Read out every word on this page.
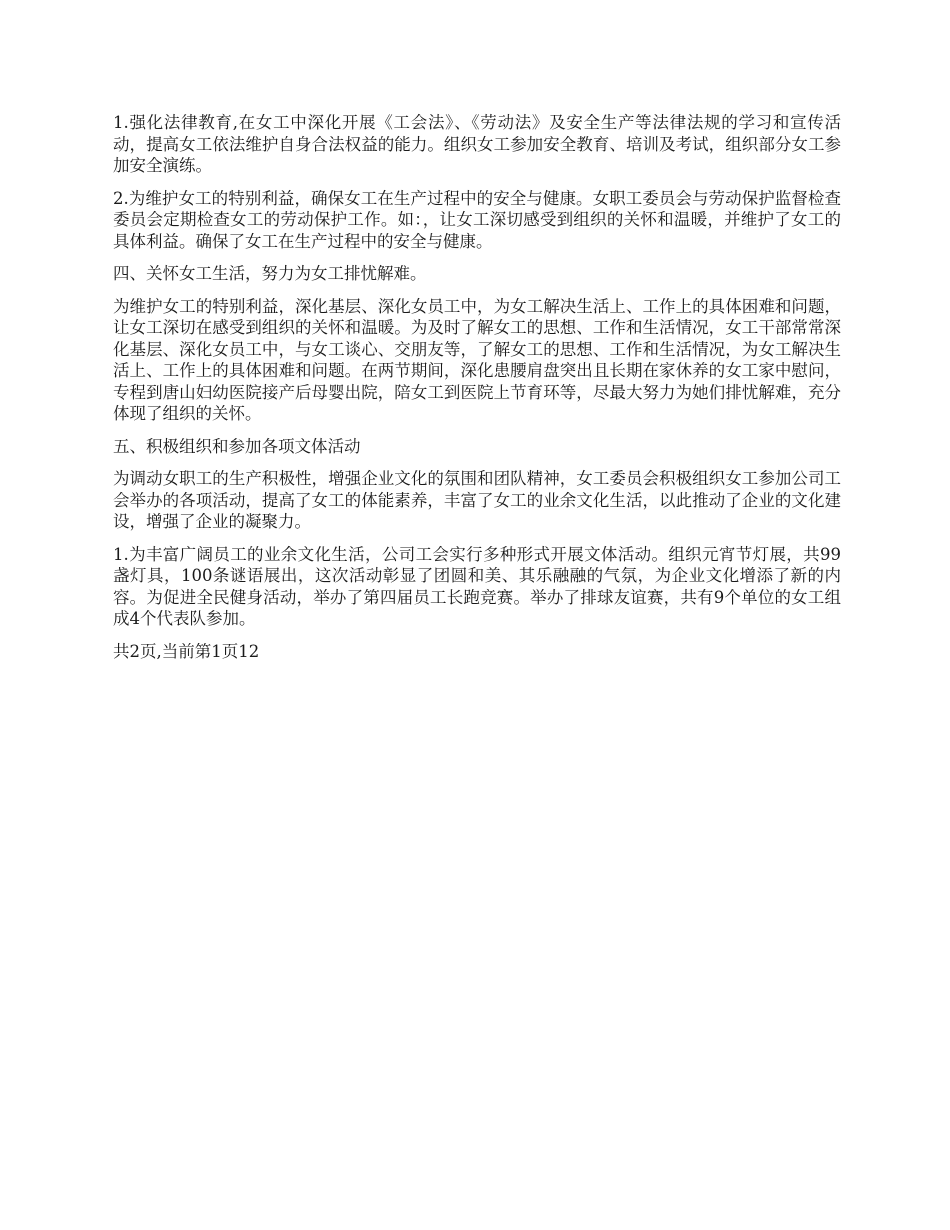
1.强化法律教育,在女工中深化开展《工会法》、《劳动法》及安全生产等法律法规的学习和宣传活动，提高女工依法维护自身合法权益的能力。组织女工参加安全教育、培训及考试，组织部分女工参加安全演练。

2.为维护女工的特别利益，确保女工在生产过程中的安全与健康。女职工委员会与劳动保护监督检查委员会定期检查女工的劳动保护工作。如：，让女工深切感受到组织的关怀和温暖，并维护了女工的具体利益。确保了女工在生产过程中的安全与健康。

四、关怀女工生活，努力为女工排忧解难。

为维护女工的特别利益，深化基层、深化女员工中，为女工解决生活上、工作上的具体困难和问题，让女工深切在感受到组织的关怀和温暖。为及时了解女工的思想、工作和生活情况，女工干部常常深化基层、深化女员工中，与女工谈心、交朋友等，了解女工的思想、工作和生活情况，为女工解决生活上、工作上的具体困难和问题。在两节期间，深化患腰肩盘突出且长期在家休养的女工家中慰问，专程到唐山妇幼医院接产后母婴出院，陪女工到医院上节育环等，尽最大努力为她们排忧解难，充分体现了组织的关怀。

五、积极组织和参加各项文体活动

为调动女职工的生产积极性，增强企业文化的氛围和团队精神，女工委员会积极组织女工参加公司工会举办的各项活动，提高了女工的体能素养，丰富了女工的业余文化生活，以此推动了企业的文化建设，增强了企业的凝聚力。

1.为丰富广阔员工的业余文化生活，公司工会实行多种形式开展文体活动。组织元宵节灯展，共99盏灯具，100条谜语展出，这次活动彰显了团圆和美、其乐融融的气氛，为企业文化增添了新的内容。为促进全民健身活动，举办了第四届员工长跑竞赛。举办了排球友谊赛，共有9个单位的女工组成4个代表队参加。

共2页,当前第1页12
